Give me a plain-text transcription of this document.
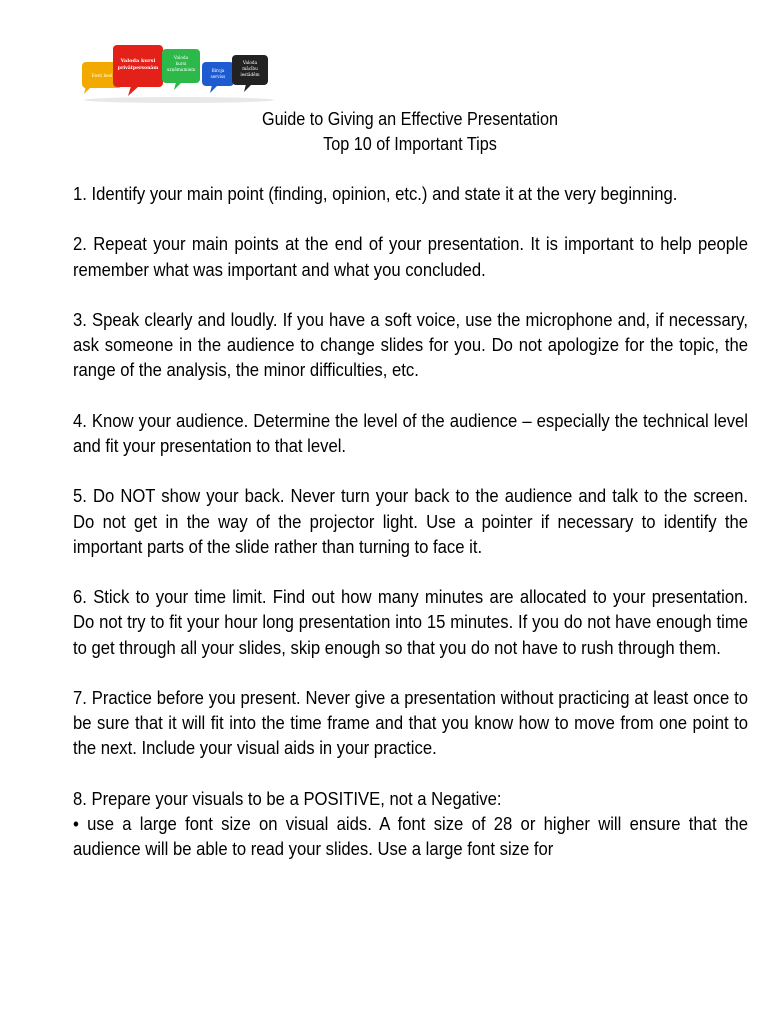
Eesti keel
Valoda kursi
privātpersonām
Valoda
kursi
uzņēmumiem	Biroja
serviss
Valoda
mācību
iestādēm
Guide to Giving an Effective Presentation
Top 10 of Important Tips

1. Identify your main point (finding, opinion, etc.) and state it at the very beginning.

2. Repeat your main points at the end of your presentation. It is important to help people remember what was important and what you concluded.

3. Speak clearly and loudly. If you have a soft voice, use the microphone and, if necessary, ask someone in the audience to change slides for you. Do not apologize for the topic, the range of the analysis, the minor difficulties, etc.

4. Know your audience. Determine the level of the audience – especially the technical level and fit your presentation to that level.

5. Do NOT show your back. Never turn your back to the audience and talk to the screen. Do not get in the way of the projector light. Use a pointer if necessary to identify the important parts of the slide rather than turning to face it.

6. Stick to your time limit. Find out how many minutes are allocated to your presentation. Do not try to fit your hour long presentation into 15 minutes. If you do not have enough time to get through all your slides, skip enough so that you do not have to rush through them.

7. Practice before you present. Never give a presentation without practicing at least once to be sure that it will fit into the time frame and that you know how to move from one point to the next. Include your visual aids in your practice.

8. Prepare your visuals to be a POSITIVE, not a Negative:

• use a large font size on visual aids. A font size of 28 or higher will ensure that the audience will be able to read your slides. Use a large font size for
